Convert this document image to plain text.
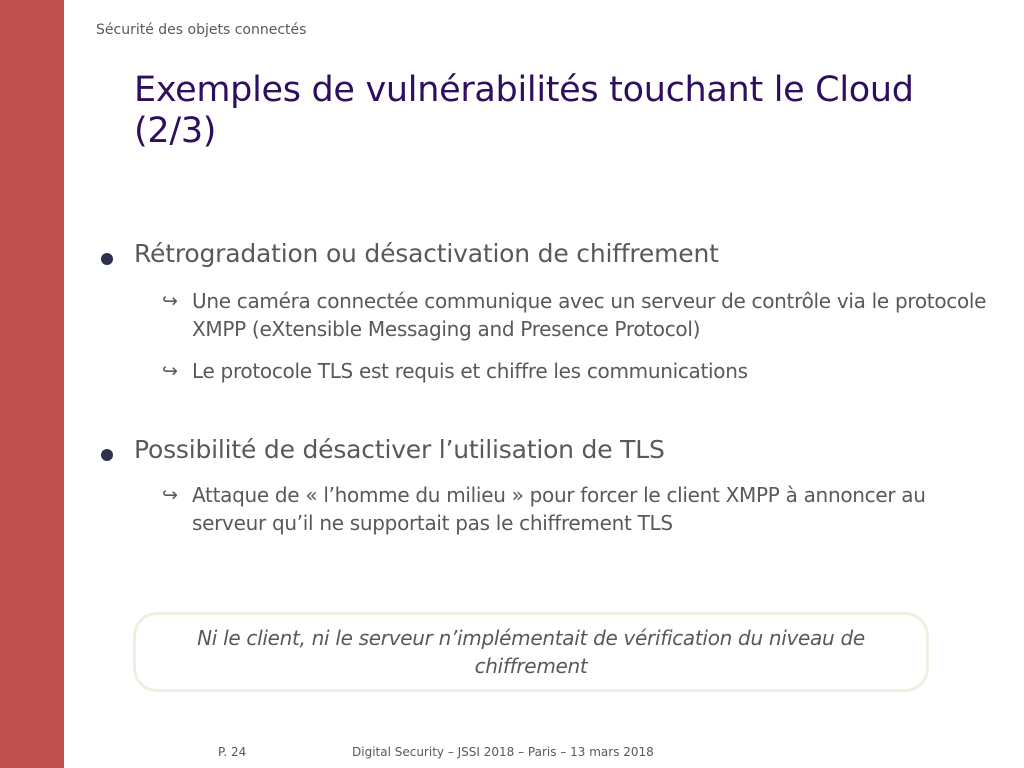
Sécurité des objets connectés
Exemples de vulnérabilités touchant le Cloud (2/3)
Rétrogradation ou désactivation de chiffrement
↪ Une caméra connectée communique avec un serveur de contrôle via le protocole XMPP (eXtensible Messaging and Presence Protocol)
↪ Le protocole TLS est requis et chiffre les communications
Possibilité de désactiver l’utilisation de TLS
↪ Attaque de « l’homme du milieu » pour forcer le client XMPP à annoncer au serveur qu’il ne supportait pas le chiffrement TLS
Ni le client, ni le serveur n’implémentait de vérification du niveau de chiffrement
P. 24	Digital Security – JSSI 2018 – Paris – 13 mars 2018
